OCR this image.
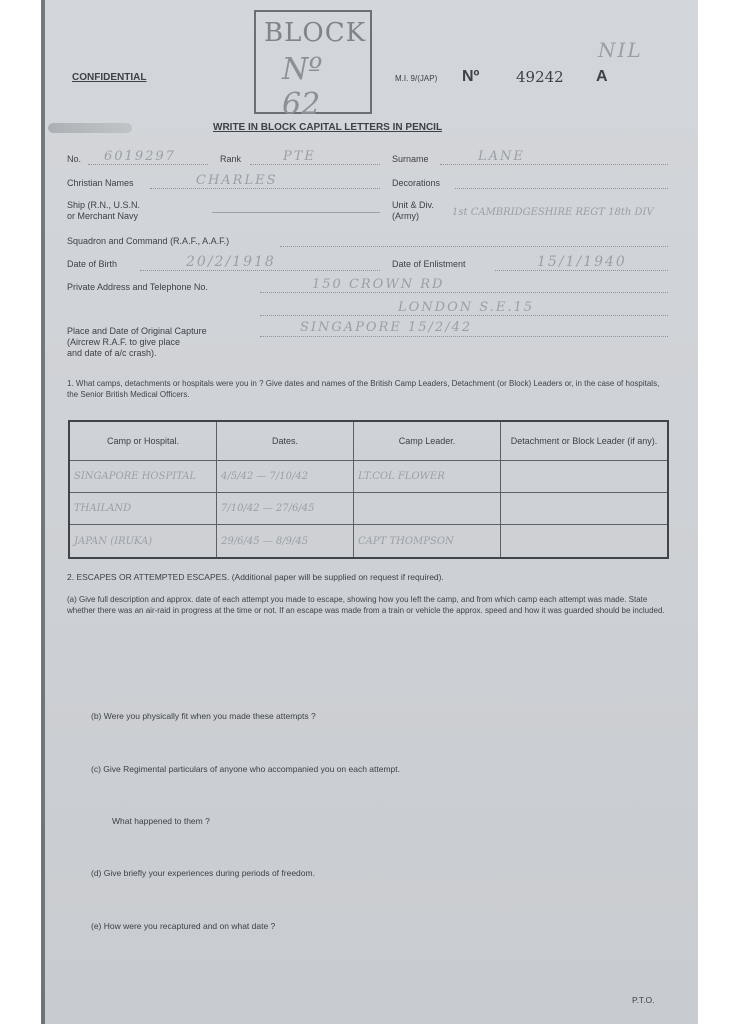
BLOCK
Nº 62
CONFIDENTIAL	M.I. 9/(JAP) Nº 49242 A
NIL
WRITE IN BLOCK CAPITAL LETTERS IN PENCIL
No. 6019297	Rank	PTE	Surname	LANE
Christian Names	CHARLES	Decorations
Ship (R.N., U.S.N.
or Merchant Navy
Unit & Div.
(Army)	1st CAMBRIDGESHIRE REGT 18th DIV
Squadron and Command (R.A.F., A.A.F.)
Date of Birth	20/2/1918	Date of Enlistment	15/1/1940
Private Address and Telephone No.	150 CROWN RD
LONDON S.E.15
Place and Date of Original Capture
(Aircrew R.A.F. to give place
and date of a/c crash).
SINGAPORE 15/2/42
1. What camps, detachments or hospitals were you in ? Give dates and names of the British Camp Leaders, Detachment (or Block) Leaders or, in the case of hospitals, the Senior British Medical Officers.
Camp or Hospital.	Dates.	Camp Leader.	Detachment or Block Leader (if any).
SINGAPORE HOSPITAL	4/5/42 — 7/10/42	LT.COL FLOWER	
THAILAND	7/10/42 — 27/6/45		
JAPAN (IRUKA)	29/6/45 — 8/9/45	CAPT THOMPSON	
2. ESCAPES OR ATTEMPTED ESCAPES. (Additional paper will be supplied on request if required).
(a) Give full description and approx. date of each attempt you made to escape, showing how you left the camp, and from which camp each attempt was made. State whether there was an air-raid in progress at the time or not. If an escape was made from a train or vehicle the approx. speed and how it was guarded should be included.
(b) Were you physically fit when you made these attempts ?
(c) Give Regimental particulars of anyone who accompanied you on each attempt.
What happened to them ?
(d) Give briefly your experiences during periods of freedom.
(e) How were you recaptured and on what date ?
P.T.O.
